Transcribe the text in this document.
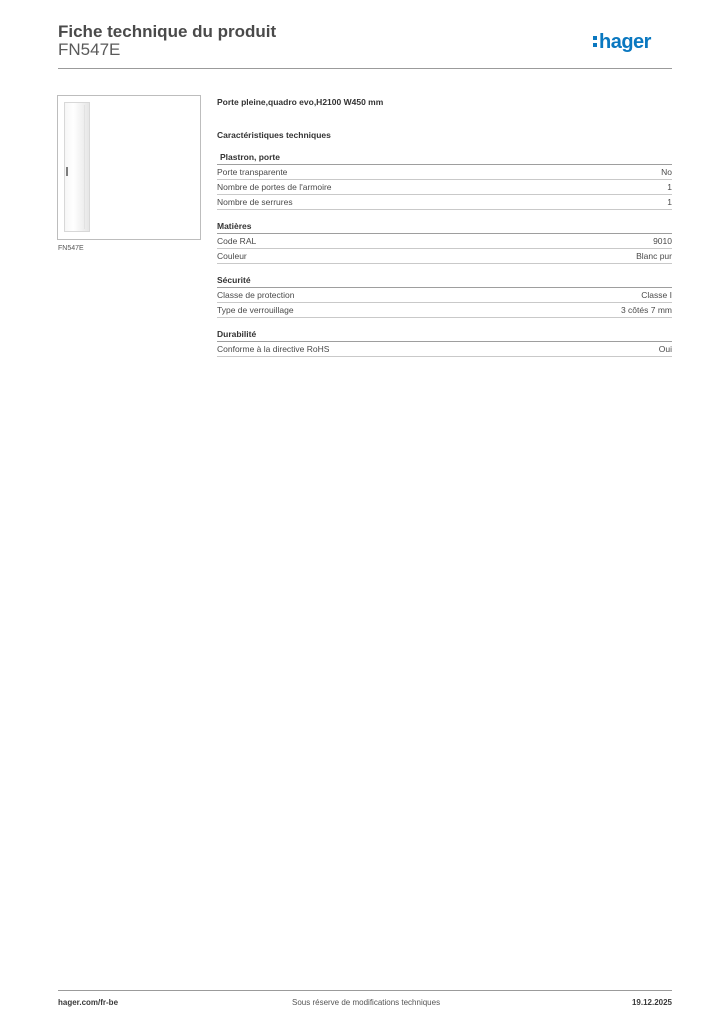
Fiche technique du produit
FN547E	hager
FN547E
Porte pleine,quadro evo,H2100 W450 mm
Caractéristiques techniques
Plastron, porte
Porte transparente	No
Nombre de portes de l'armoire	1
Nombre de serrures	1
Matières
Code RAL	9010
Couleur	Blanc pur
Sécurité
Classe de protection	Classe I
Type de verrouillage	3 côtés 7 mm
Durabilité
Conforme à la directive RoHS	Oui
hager.com/fr-be	Sous réserve de modifications techniques	19.12.2025
